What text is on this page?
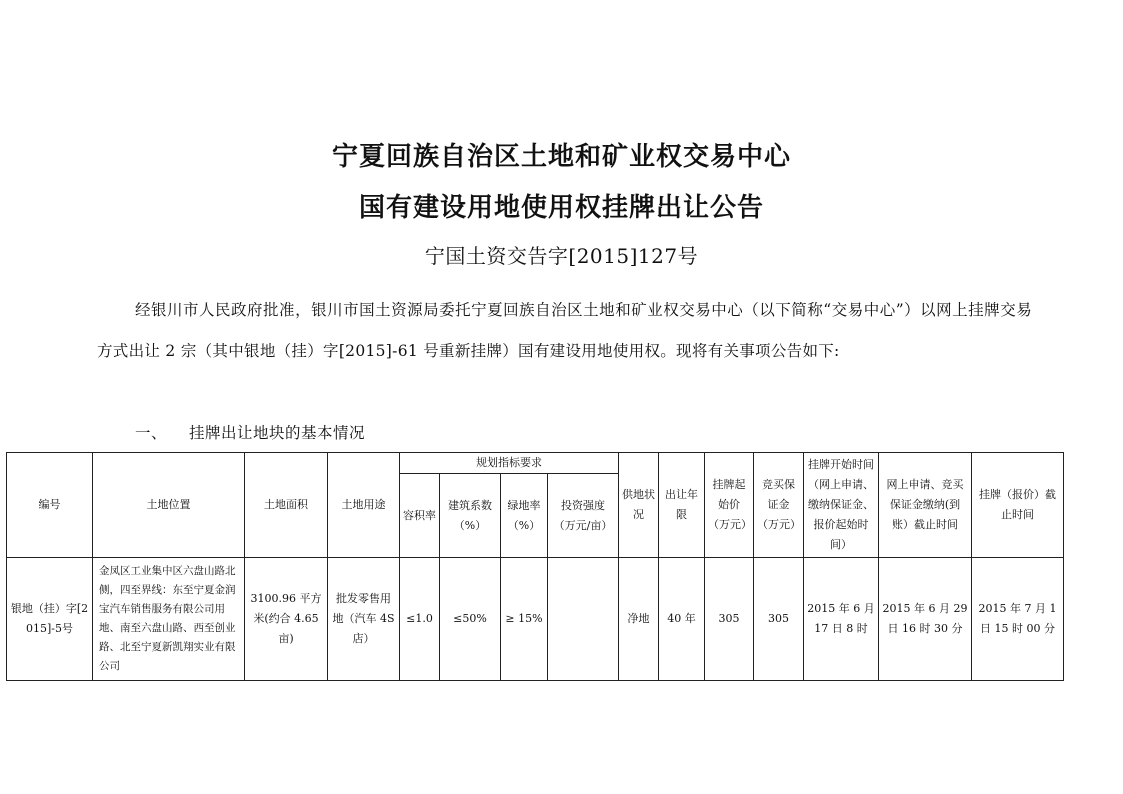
宁夏回族自治区土地和矿业权交易中心
国有建设用地使用权挂牌出让公告
宁国土资交告字[2015]127号
经银川市人民政府批准，银川市国土资源局委托宁夏回族自治区土地和矿业权交易中心（以下简称“交易中心”）以网上挂牌交易方式出让 2 宗（其中银地（挂）字[2015]-61 号重新挂牌）国有建设用地使用权。现将有关事项公告如下:
一、 挂牌出让地块的基本情况
编号	土地位置	土地面积	土地用途	规划指标要求				供地状况	出让年限	挂牌起始价（万元）	竞买保证金（万元）	挂牌开始时间（网上申请、缴纳保证金、报价起始时间）	网上申请、竞买保证金缴纳(到账）截止时间	挂牌（报价）截止时间
				容积率	建筑系数（%）	绿地率（%）	投资强度（万元/亩）							
银地（挂）字[2015]-5号	金凤区工业集中区六盘山路北侧，四至界线：东至宁夏金润宝汽车销售服务有限公司用地、南至六盘山路、西至创业路、北至宁夏新凯翔实业有限公司	3100.96 平方米(约合 4.65 亩)	批发零售用地（汽车 4S 店）	≤1.0	≤50%	≥ 15%		净地	40 年	305	305	2015 年 6 月 17 日 8 时	2015 年 6 月 29 日 16 时 30 分	2015 年 7 月 1 日 15 时 00 分
